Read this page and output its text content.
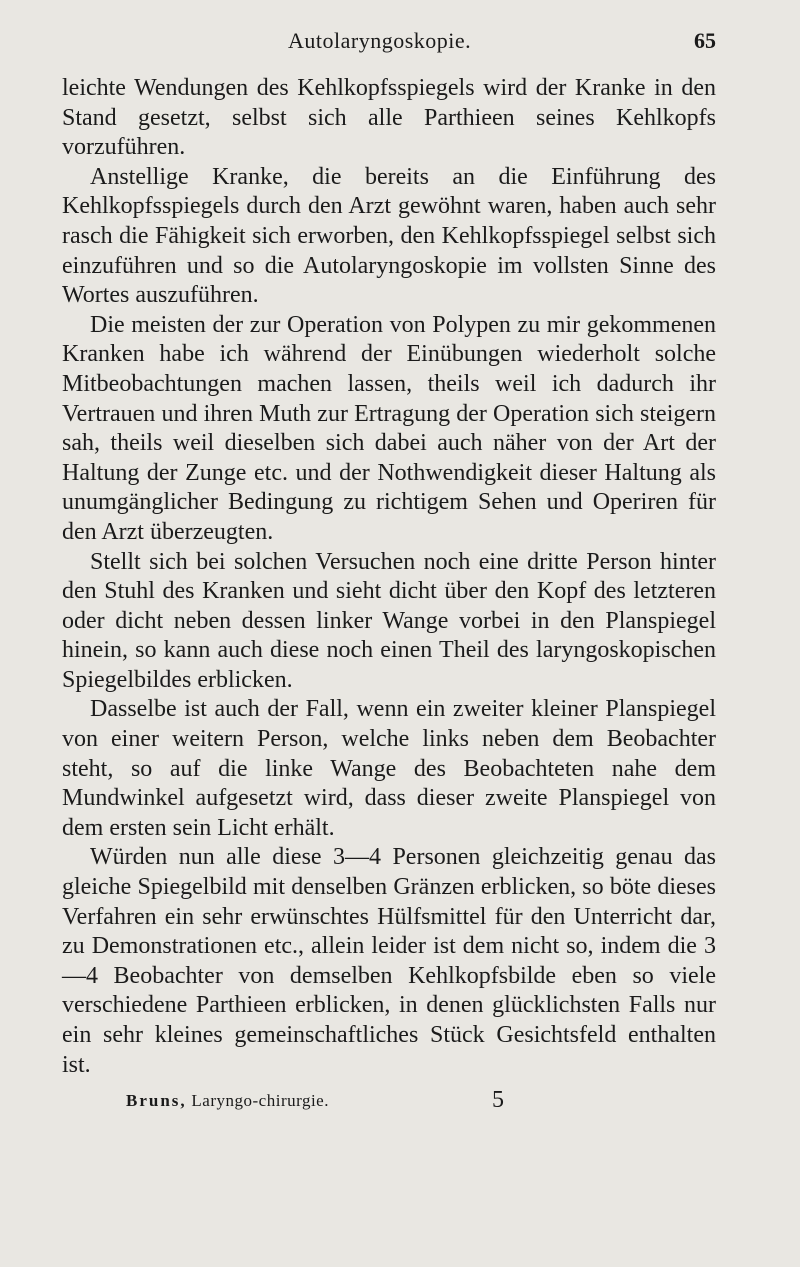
Autolaryngoskopie.	65

leichte Wendungen des Kehlkopfsspiegels wird der Kranke in den Stand gesetzt, selbst sich alle Parthieen seines Kehlkopfs vorzuführen.

Anstellige Kranke, die bereits an die Einführung des Kehlkopfsspiegels durch den Arzt gewöhnt waren, haben auch sehr rasch die Fähigkeit sich erworben, den Kehlkopfsspiegel selbst sich einzuführen und so die Autolaryngoskopie im vollsten Sinne des Wortes auszuführen.

Die meisten der zur Operation von Polypen zu mir gekommenen Kranken habe ich während der Einübungen wiederholt solche Mitbeobachtungen machen lassen, theils weil ich dadurch ihr Vertrauen und ihren Muth zur Ertragung der Operation sich steigern sah, theils weil dieselben sich dabei auch näher von der Art der Haltung der Zunge etc. und der Nothwendigkeit dieser Haltung als unumgänglicher Bedingung zu richtigem Sehen und Operiren für den Arzt überzeugten.

Stellt sich bei solchen Versuchen noch eine dritte Person hinter den Stuhl des Kranken und sieht dicht über den Kopf des letzteren oder dicht neben dessen linker Wange vorbei in den Planspiegel hinein, so kann auch diese noch einen Theil des laryngoskopischen Spiegelbildes erblicken.

Dasselbe ist auch der Fall, wenn ein zweiter kleiner Planspiegel von einer weitern Person, welche links neben dem Beobachter steht, so auf die linke Wange des Beobachteten nahe dem Mundwinkel aufgesetzt wird, dass dieser zweite Planspiegel von dem ersten sein Licht erhält.

Würden nun alle diese 3—4 Personen gleichzeitig genau das gleiche Spiegelbild mit denselben Gränzen erblicken, so böte dieses Verfahren ein sehr erwünschtes Hülfsmittel für den Unterricht dar, zu Demonstrationen etc., allein leider ist dem nicht so, indem die 3—4 Beobachter von demselben Kehlkopfsbilde eben so viele verschiedene Parthieen erblicken, in denen glücklichsten Falls nur ein sehr kleines gemeinschaftliches Stück Gesichtsfeld enthalten ist.

Bruns, Laryngo-chirurgie.	5
